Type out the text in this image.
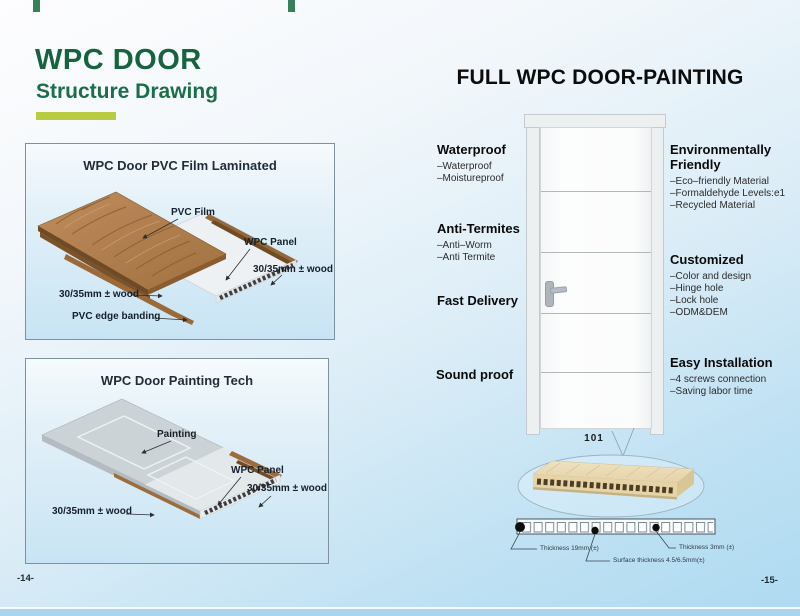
WPC DOOR
Structure Drawing
WPC Door PVC Film Laminated
PVC Film
WPC Panel
30/35mm ± wood
30/35mm ± wood
PVC edge banding
WPC Door Painting Tech
Painting
WPC Panel
30/35mm ± wood
30/35mm ± wood
FULL WPC DOOR-PAINTING
Waterproof
–Waterproof
–Moistureproof
Anti-Termites
–Anti–Worm
–Anti Termite
Fast Delivery
Sound proof
Environmentally Friendly
–Eco–friendly Material
–Formaldehyde Levels:e1
–Recycled Material
Customized
–Color and design
–Hinge hole
–Lock hole
–ODM&DEM
Easy Installation
–4 screws connection
–Saving labor time
101
Thickness 19mm (±)
Surface thickness 4.5/6.5mm(±)
Thickness 3mm (±)
-14-	-15-
